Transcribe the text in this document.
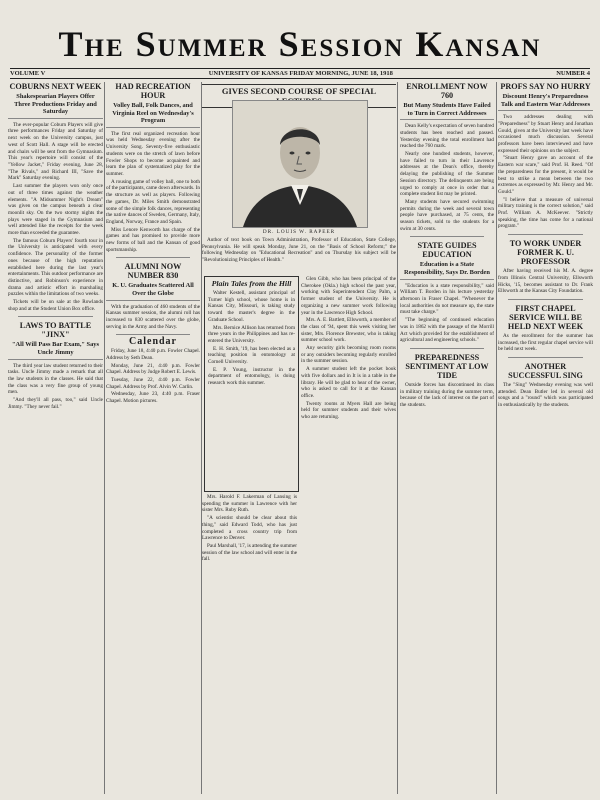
The Summer Session Kansan
VOLUME V	UNIVERSITY OF KANSAS FRIDAY MORNING, JUNE 18, 1918	NUMBER 4
COBURNS NEXT WEEK
Shakespearian Players Offer Three Productions Friday and Saturday

The ever-popular Coburn Players will give three performances Friday and Saturday of next week on the University campus, just west of Scott Hall. A stage will be erected and chairs will be sent from the Gymnasium. This year's repertoire will consist of the "Yellow Jacket," Friday evening, June 28, "The Rivals," and Richard III, "Save the Mark" Saturday evening.

Last summer the players won only once out of three times against the weather elements. "A Midsummer Night's Dream" was given on the campus beneath a clear moonlit sky. On the two stormy nights the plays were staged in the Gymnasium and well attended like the receipts for the week more than exceeded the guarantee.

The famous Coburn Players' fourth tour in the University is anticipated with every confidence. The personality of the former ones because of the high reputation established here during the last year's entertainments. This outdoor performance are distinctive, and Robinson's experience in drama and artistic effort in marshaling puzzles within the limitations of two weeks.

Tickets will be on sale at the Rowlands shop and at the Student Union Box office.

LAWS TO BATTLE "JINX"
"All Will Pass Bar Exam," Says Uncle Jimmy

The third year law student returned to their tasks. Uncle Jimmy made a remark that all the law students in the classes. He said that the class was a very fine group of young men.

"And they'll all pass, too," said Uncle Jimmy. "They never fail."

HAD RECREATION HOUR
Volley Ball, Folk Dances, and Virginia Reel on Wednesday's Program

The first real organized recreation hour was held Wednesday evening after the University Song. Seventy-five enthusiastic students were on the stretch of lawn before Fowler Shops to become acquainted and learn the plan of systematized play for the summer.

A rousing game of volley ball, one to both of the participants, came down afterwards. In the structure as well as players. Following the games, Dr. Miles Smith demonstrated some of the simple folk dances, representing the native dances of Sweden, Germany, Italy, England, Norway, France and Spain.

Miss Lenore Kenworth has charge of the games and has promised to provide more new forms of ball and the Kansan of good sportsmanship.

ALUMNI NOW NUMBER 830
K. U. Graduates Scattered All Over the Globe

With the graduation of 460 students of the Kansas summer session, the alumni roll has increased to 830 scattered over the globe, serving in the Army and the Navy.

Calendar

Friday, June 18, 4:40 p.m. Fowler Chapel. Address by Seth Dean.

Monday, June 21, 4:40 p.m. Fowler Chapel. Address by Judge Robert E. Lewis.

Tuesday, June 22, 4:40 p.m. Fowler Chapel. Address by Prof. Alvin W. Carlin.

Wednesday, June 23, 4:40 p.m. Fraser Chapel. Motion pictures.

GIVES SECOND COURSE OF SPECIAL
DR. LOUIS W. RAPEER

Author of text book on Town Administration, Professor of Education, State College, Pennsylvania. He will speak Monday, June 21, on the "Basis of School Reform;" the following Wednesday on "Educational Recreation" and on Thursday his subject will be "Revolutionizing Principles of Health."

Plain Tales from the Hill

Walter Kestell, assistant principal of Turner high school, whose home is in Kansas City, Missouri, is taking study toward the master's degree in the Graduate School.

Mrs. Bernice Allison has returned from three years in the Philippines and has re-entered the University.

E. H. Smith, '19, has been elected as a teaching position in entomology at Cornell University.

E. P. Young, instructor in the department of entomology, is doing research work this summer.

Mrs. Harold F. Lakerman of Lansing is spending the summer in Lawrence with her sister Mrs. Ruby Ruth.

"A scientist should be clear about this thing," said Edward Todd, who has just completed a cross country trip from Lawrence to Denver.

Paul Marshall, '17, is attending the summer session of the law school and will enter in the fall.

Glen Gibb, who has been principal of the Cherokee (Okla.) high school the past year, working with Superintendent Clay Palm, a former student of the University. He is organizing a new summer work following year in the Lawrence High School.

Mrs. A. E. Bartlett, Ellsworth, a member of the class of '94, spent this week visiting her sister, Mrs. Florence Brewster, who is taking summer school work.

Any security girls becoming room rooms or any outsiders becoming regularly enrolled in the summer session.

A summer student left the pocket book with five dollars and in It is in a table in the library. He will be glad to hear of the owner, who is asked to call for it at the Kansan office.

Twenty rooms at Myers Hall are being held for summer students and their wives who are returning.

ENROLLMENT NOW 760
But Many Students Have Failed to Turn in Correct Addresses

Dean Kelly's expectation of seven hundred students has been reached and passed. Yesterday evening the total enrollment had reached the 760 mark.

Nearly one hundred students, however, have failed to turn in their Lawrence addresses at the Dean's office, thereby delaying the publishing of the Summer Session directory. The delinquents are being urged to comply at once in order that a complete student list may be printed.

Many students have secured swimming permits during the week and several town people have purchased, at 75 cents, the season tickets, sold to the students for a swim at 30 cents.

STATE GUIDES EDUCATION
Education is a State Responsibility, Says Dr. Borden

"Education is a state responsibility," said William T. Borden in his lecture yesterday afternoon in Fraser Chapel. "Whenever the local authorities do not measure up, the state must take charge."

"The beginning of continued education was in 1862 with the passage of the Morrill Act which provided for the establishment of agricultural and engineering schools."

PREPAREDNESS SENTIMENT AT LOW TIDE

Outside forces has discontinued its class in military training during the summer term, because of the lack of interest on the part of the students.

PROFS SAY NO HURRY
Discount Henry's Preparedness Talk and Eastern War Addresses

Two addresses dealing with "Preparedness" by Stuart Henry and Jonathan Gould, given at the University last week have occasioned much discussion. Several professors have been interviewed and have expressed their opinions on the subject.

"Stuart Henry gave an account of the Eastern war scare," said Prof. H. Reed. "Of the preparedness for the present, it would be best to strike a mean between the two extremes as expressed by Mr. Henry and Mr. Gould."

"I believe that a measure of universal military training is the correct solution," said Prof. William A. McKeever. "Strictly speaking, the time has come for a national program."

TO WORK UNDER FORMER K. U. PROFESSOR

After having received his M. A. degree from Illinois Central University, Ellsworth Hicks, '15, becomes assistant to Dr. Frank Ellsworth at the Kansas City Foundation.

FIRST CHAPEL SERVICE WILL BE HELD NEXT WEEK

As the enrollment for the summer has increased, the first regular chapel service will be held next week.

ANOTHER SUCCESSFUL SING

The "Sing" Wednesday evening was well attended. Dean Butler led in several old songs and a "round" which was participated in enthusiastically by the students.
